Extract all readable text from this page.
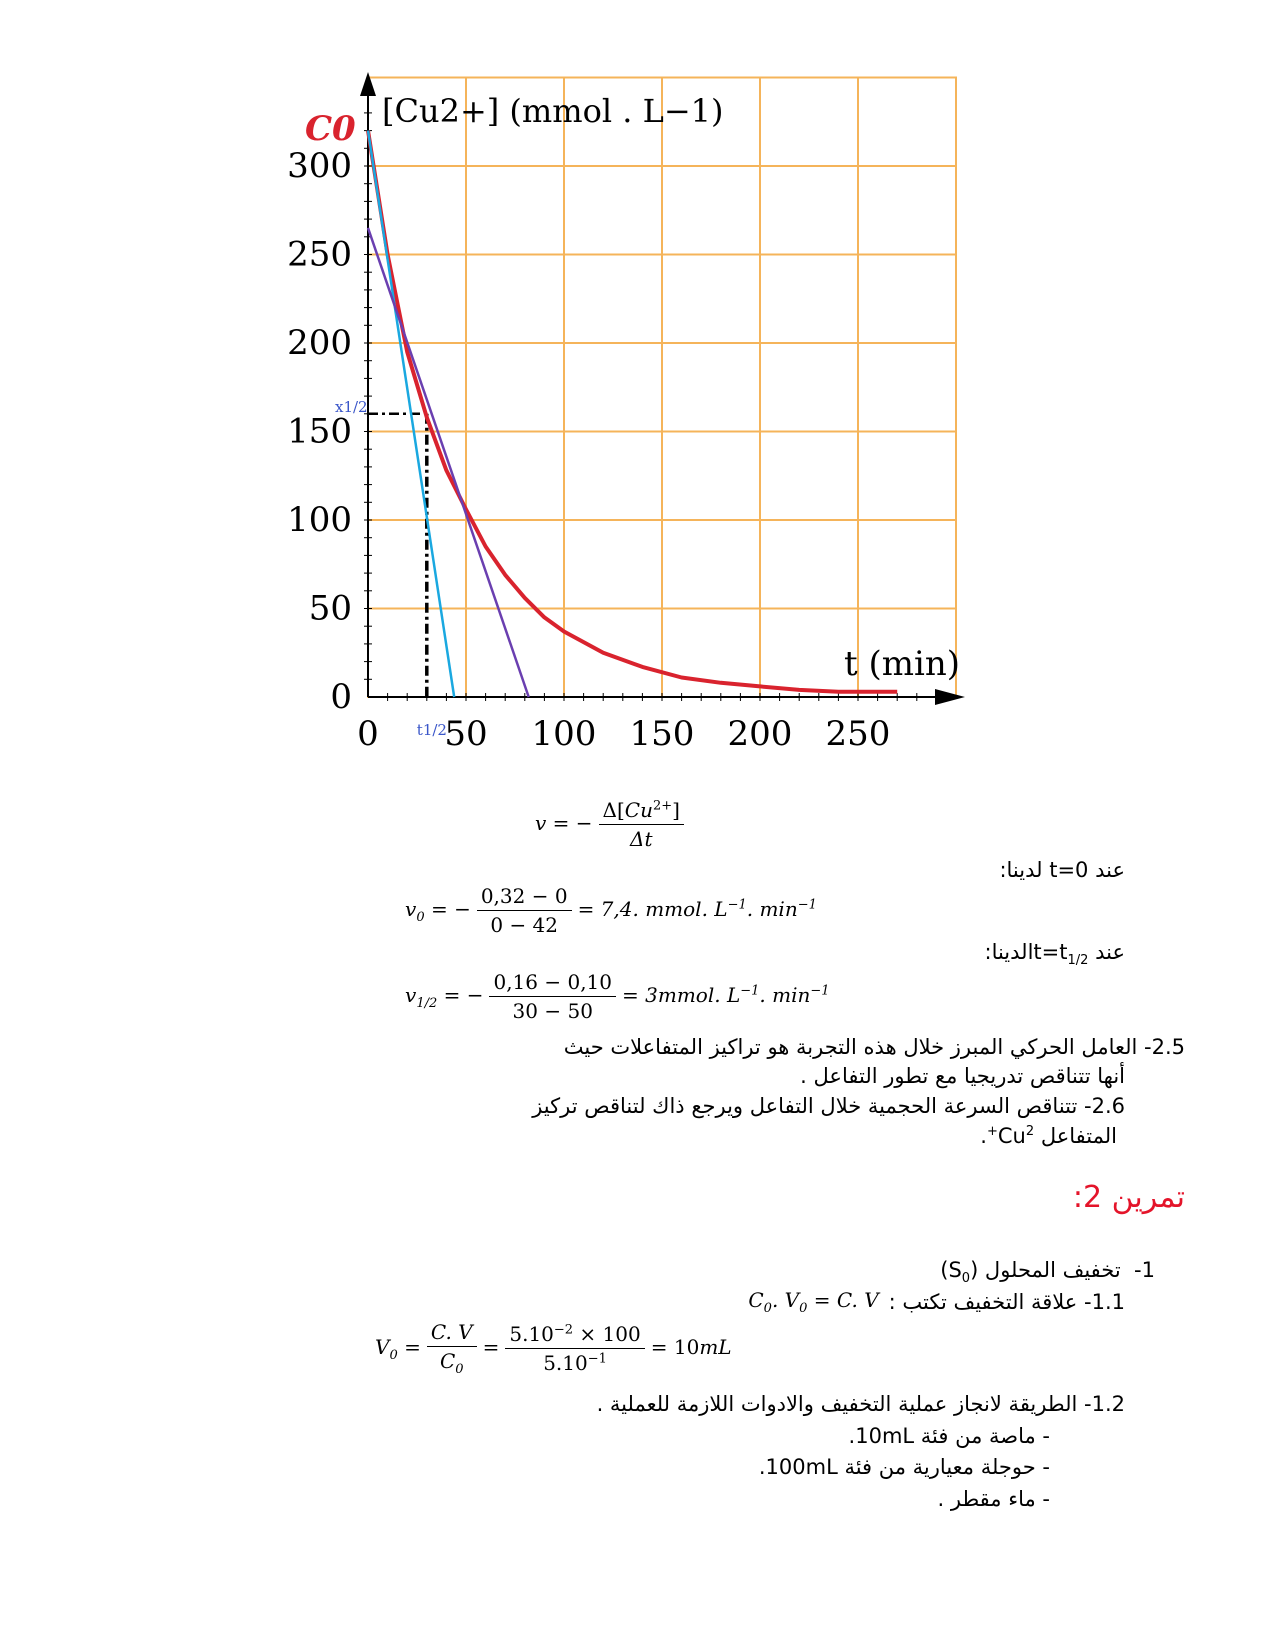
0 50 100 150 200 250
0
50
100
150
200
250
300
[Cu2+] (mmol . L−1)
t (min)
C0
t1/2
x1/2
v = − $\frac{\Delta[Cu^{2+}]}{\Delta t}$
عند t=0 لدينا:
$v_0$ = − $\frac{0,32 - 0}{0 - 42} = 7,4$. mmol. $L^{-1}$. $\min^{-1}$
عند $t=t_{1/2}الدينا$:
$v_{1/2}$ = − $\frac{0,16 - 0,10}{30 - 50}$ = 3mmol. $L^{-1}$. $\min^{-1}$
2.5- العامل الحركي المبرز خلال هذه التجربة هو تراكيز المتفاعلات حيث
أنها تتناقص تدريجيا مع تطور التفاعل .
2.6- تتناقص السرعة الحجمية خلال التفاعل ويرجع ذاك لتناقص تركيز
المتفاعل $Cu^{2+}$.
تمرين 2:
1-  تخفيف المحلول $(S_0)$
1.1- علاقة التخفيف تكتب :
$C_0$. $V_0 = C$. V
$V_0 = \frac{C. V}{C_0} = \frac{5.10^{-2} \times 100}{5.10^{-1}} = 10mL$
1.2- الطريقة لانجاز عملية التخفيف والادوات اللازمة للعملية .
- ماصة من فئة 10mL.
- حوجلة معيارية من فئة 100mL.
- ماء مقطر .
